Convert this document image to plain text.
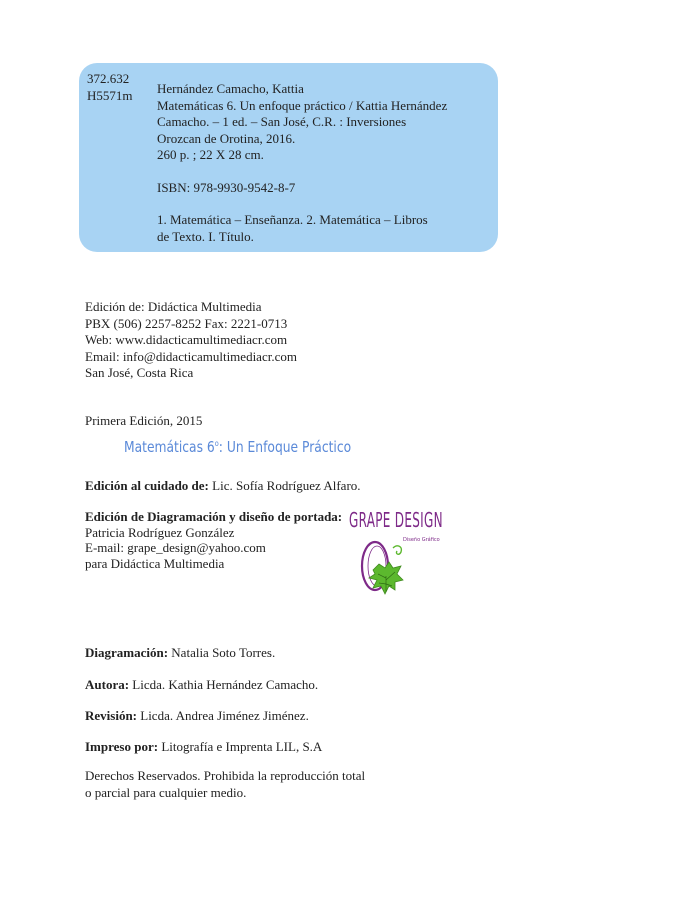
372.632
H5571m Hernández Camacho, Kattia
Matemáticas 6. Un enfoque práctico / Kattia Hernández
Camacho. – 1 ed. – San José, C.R. : Inversiones
Orozcan de Orotina, 2016.
260 p. ; 22 X 28 cm.
ISBN: 978-9930-9542-8-7
1. Matemática – Enseñanza. 2. Matemática – Libros
de Texto. I. Título.
Edición de: Didáctica Multimedia
PBX (506) 2257-8252 Fax: 2221-0713
Web: www.didacticamultimediacr.com
Email: info@didacticamultimediacr.com
San José, Costa Rica
Primera Edición, 2015
Matemáticas 6$^o$: Un Enfoque Práctico
Edición al cuidado de: Lic. Sofía Rodríguez Alfaro.
Edición de Diagramación y diseño de portada:
Patricia Rodríguez González
E-mail: grape_design@yahoo.com
para Didáctica Multimedia
GRAPE DESIGN
Diseño Gráfico
Diagramación: Natalia Soto Torres.
Autora: Licda. Kathia Hernández Camacho.
Revisión: Licda. Andrea Jiménez Jiménez.
Impreso por: Litografía e Imprenta LIL, S.A
Derechos Reservados. Prohibida la reproducción total
o parcial para cualquier medio.
